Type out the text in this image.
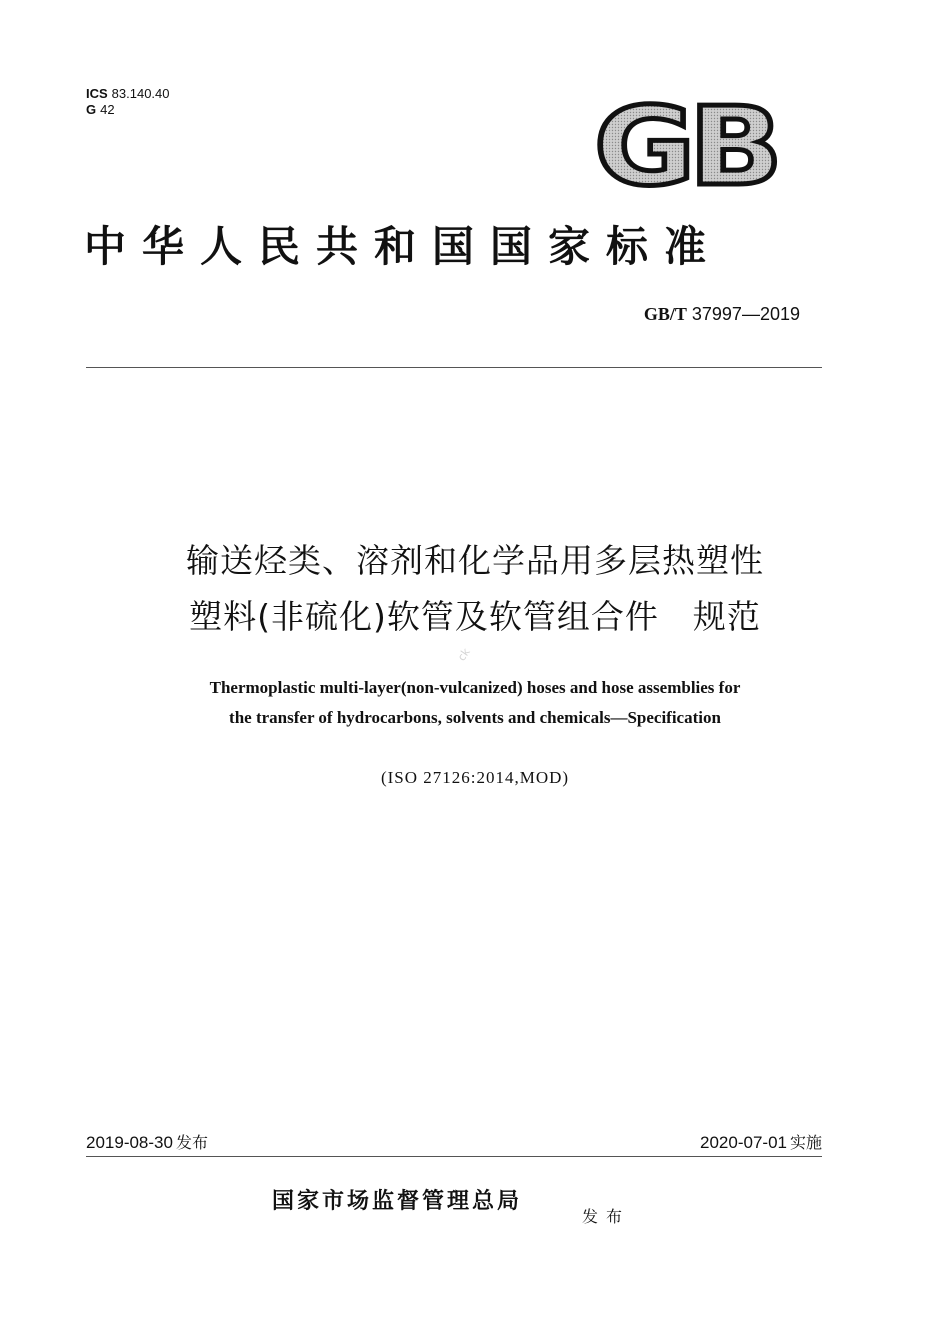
ICS 83.140.40
G 42	GB
中华人民共和国国家标准
GB/T 37997—2019
输送烃类、溶剂和化学品用多层热塑性
塑料(非硫化)软管及软管组合件　规范
ck
Thermoplastic multi-layer(non-vulcanized) hoses and hose assemblies for
the transfer of hydrocarbons, solvents and chemicals—Specification
(ISO 27126:2014,MOD)
2019-08-30 发布	2020-07-01 实施
国家市场监督管理总局
发布
